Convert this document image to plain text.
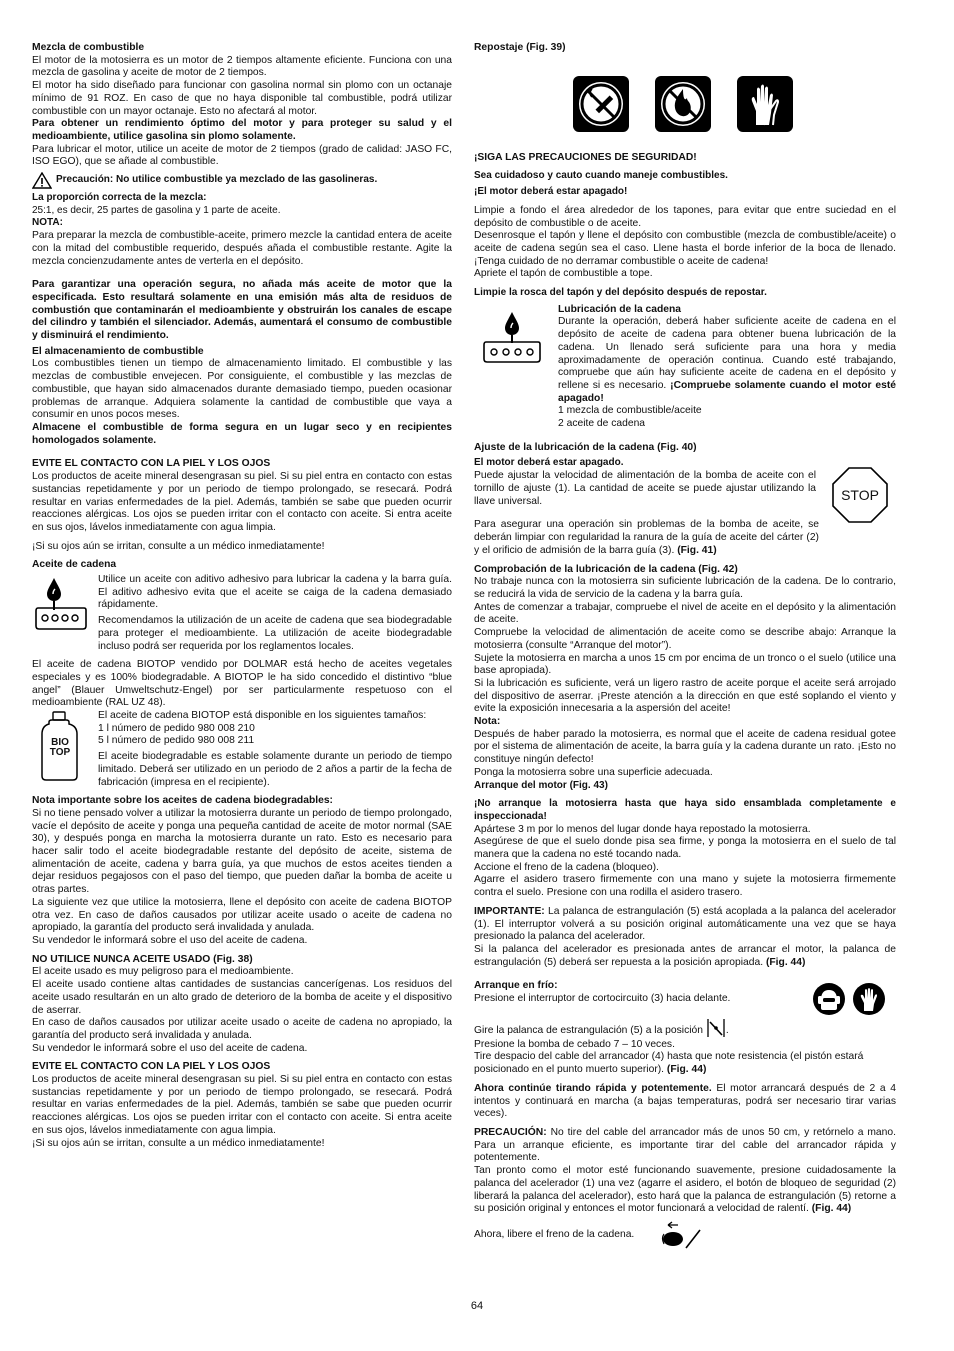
Mezcla de combustible

El motor de la motosierra es un motor de 2 tiempos altamente eficiente. Funciona con una mezcla de gasolina y aceite de motor de 2 tiempos.

El motor ha sido diseñado para funcionar con gasolina normal sin plomo con un octanaje mínimo de 91 ROZ. En caso de que no haya disponible tal combustible, podrá utilizar combustible con un mayor octanaje. Esto no afectará al motor.

Para obtener un rendimiento óptimo del motor y para proteger su salud y el medioambiente, utilice gasolina sin plomo solamente.

Para lubricar el motor, utilice un aceite de motor de 2 tiempos (grado de calidad: JASO FC, ISO EGO), que se añade al combustible.

Precaución: No utilice combustible ya mezclado de las gasolineras.

La proporción correcta de la mezcla:

25:1, es decir, 25 partes de gasolina y 1 parte de aceite.

NOTA:

Para preparar la mezcla de combustible-aceite, primero mezcle la cantidad entera de aceite con la mitad del combustible requerido, después añada el combustible restante. Agite la mezcla concienzudamente antes de verterla en el depósito.

Para garantizar una operación segura, no añada más aceite de motor que la especificada. Esto resultará solamente en una emisión más alta de residuos de combustión que contaminarán el medioambiente y obstruirán los canales de escape del cilindro y también el silenciador. Además, aumentará el consumo de combustible y disminuirá el rendimiento.

El almacenamiento de combustible

Los combustibles tienen un tiempo de almacenamiento limitado. El combustible y las mezclas de combustible envejecen. Por consiguiente, el combustible y las mezclas de combustible, que hayan sido almacenados durante demasiado tiempo, pueden ocasionar problemas de arranque. Adquiera solamente la cantidad de combustible que vaya a consumir en unos pocos meses.

Almacene el combustible de forma segura en un lugar seco y en recipientes homologados solamente.

EVITE EL CONTACTO CON LA PIEL Y LOS OJOS

Los productos de aceite mineral desengrasan su piel. Si su piel entra en contacto con estas sustancias repetidamente y por un periodo de tiempo prolongado, se resecará. Podrá resultar en varias enfermedades de la piel. Además, también se sabe que pueden ocurrir reacciones alérgicas. Los ojos se pueden irritar con el contacto con aceite. Si entra aceite en sus ojos, lávelos inmediatamente con agua limpia.

¡Si su ojos aún se irritan, consulte a un médico inmediatamente!

Aceite de cadena

Utilice un aceite con aditivo adhesivo para lubricar la cadena y la barra guía. El aditivo adhesivo evita que el aceite se caiga de la cadena demasiado rápidamente.

Recomendamos la utilización de un aceite de cadena que sea biodegradable para proteger el medioambiente. La utilización de aceite biodegradable incluso podrá ser requerida por los reglamentos locales.

El aceite de cadena BIOTOP vendido por DOLMAR está hecho de aceites vegetales especiales y es 100% biodegradable. A BIOTOP le ha sido concedido el distintivo “blue angel” (Blauer Umweltschutz-Engel) por ser particularmente respetuoso con el medioambiente (RAL UZ 48).

BIO
TOP

El aceite de cadena BIOTOP está disponible en los siguientes tamaños:

1 l número de pedido 980 008 210

5 l número de pedido 980 008 211

El aceite biodegradable es estable solamente durante un periodo de tiempo limitado. Deberá ser utilizado en un periodo de 2 años a partir de la fecha de fabricación (impresa en el recipiente).

Nota importante sobre los aceites de cadena biodegradables:

Si no tiene pensado volver a utilizar la motosierra durante un periodo de tiempo prolongado, vacíe el depósito de aceite y ponga una pequeña cantidad de aceite de motor normal (SAE 30), y después ponga en marcha la motosierra durante un rato. Esto es necesario para hacer salir todo el aceite biodegradable restante del depósito de aceite, sistema de alimentación de aceite, cadena y barra guía, ya que muchos de estos aceites tienden a dejar residuos pegajosos con el paso del tiempo, que pueden dañar la bomba de aceite u otras partes.

La siguiente vez que utilice la motosierra, llene el depósito con aceite de cadena BIOTOP otra vez. En caso de daños causados por utilizar aceite usado o aceite de cadena no apropiado, la garantía del producto será invalidada y anulada.

Su vendedor le informará sobre el uso del aceite de cadena.

NO UTILICE NUNCA ACEITE USADO (Fig. 38)

El aceite usado es muy peligroso para el medioambiente.

El aceite usado contiene altas cantidades de sustancias cancerígenas. Los residuos del aceite usado resultarán en un alto grado de deterioro de la bomba de aceite y el dispositivo de aserrar.

En caso de daños causados por utilizar aceite usado o aceite de cadena no apropiado, la garantía del producto será invalidada y anulada.

Su vendedor le informará sobre el uso del aceite de cadena.

EVITE EL CONTACTO CON LA PIEL Y LOS OJOS

Los productos de aceite mineral desengrasan su piel. Si su piel entra en contacto con estas sustancias repetidamente y por un periodo de tiempo prolongado, se resecará. Podrá resultar en varias enfermedades de la piel. Además, también se sabe que pueden ocurrir reacciones alérgicas. Los ojos se pueden irritar con el contacto con aceite. Si entra aceite en sus ojos, lávelos inmediatamente con agua limpia.

¡Si su ojos aún se irritan, consulte a un médico inmediatamente!

Repostaje (Fig. 39)

¡SIGA LAS PRECAUCIONES DE SEGURIDAD!

Sea cuidadoso y cauto cuando maneje combustibles.

¡El motor deberá estar apagado!

Limpie a fondo el área alrededor de los tapones, para evitar que entre suciedad en el depósito de combustible o de aceite.

Desenrosque el tapón y llene el depósito con combustible (mezcla de combustible/aceite) o aceite de cadena según sea el caso. Llene hasta el borde inferior de la boca de llenado. ¡Tenga cuidado de no derramar combustible o aceite de cadena!

Apriete el tapón de combustible a tope.

Limpie la rosca del tapón y del depósito después de repostar.

Lubricación de la cadena

Durante la operación, deberá haber suficiente aceite de cadena en el depósito de aceite de cadena para obtener buena lubricación de la cadena. Un llenado será suficiente para una hora y media aproximadamente de operación continua. Cuando esté trabajando, compruebe que aún hay suficiente aceite de cadena en el depósito y rellene si es necesario. ¡Compruebe solamente cuando el motor esté apagado!

1 mezcla de combustible/aceite

2 aceite de cadena

Ajuste de la lubricación de la cadena (Fig. 40)

El motor deberá estar apagado.

Puede ajustar la velocidad de alimentación de la bomba de aceite con el tornillo de ajuste (1). La cantidad de aceite se puede ajustar utilizando la llave universal.	STOP

Para asegurar una operación sin problemas de la bomba de aceite, se deberán limpiar con regularidad la ranura de la guía de aceite del cárter (2) y el orificio de admisión de la barra guía (3). (Fig. 41)

Comprobación de la lubricación de la cadena (Fig. 42)

No trabaje nunca con la motosierra sin suficiente lubricación de la cadena. De lo contrario, se reducirá la vida de servicio de la cadena y la barra guía.

Antes de comenzar a trabajar, compruebe el nivel de aceite en el depósito y la alimentación de aceite.

Compruebe la velocidad de alimentación de aceite como se describe abajo: Arranque la motosierra (consulte “Arranque del motor”).

Sujete la motosierra en marcha a unos 15 cm por encima de un tronco o el suelo (utilice una base apropiada).

Si la lubricación es suficiente, verá un ligero rastro de aceite porque el aceite será arrojado del dispositivo de aserrar. ¡Preste atención a la dirección en que esté soplando el viento y evite la exposición innecesaria a la aspersión del aceite!

Nota:

Después de haber parado la motosierra, es normal que el aceite de cadena residual gotee por el sistema de alimentación de aceite, la barra guía y la cadena durante un rato. ¡Esto no constituye ningún defecto!

Ponga la motosierra sobre una superficie adecuada.

Arranque del motor (Fig. 43)

¡No arranque la motosierra hasta que haya sido ensamblada completamente e inspeccionada!

Apártese 3 m por lo menos del lugar donde haya repostado la motosierra.

Asegúrese de que el suelo donde pisa sea firme, y ponga la motosierra en el suelo de tal manera que la cadena no esté tocando nada.

Accione el freno de la cadena (bloqueo).

Agarre el asidero trasero firmemente con una mano y sujete la motosierra firmemente contra el suelo. Presione con una rodilla el asidero trasero.

IMPORTANTE: La palanca de estrangulación (5) está acoplada a la palanca del acelerador (1). El interruptor volverá a su posición original automáticamente una vez que se haya presionado la palanca del acelerador.

Si la palanca del acelerador es presionada antes de arrancar el motor, la palanca de estrangulación (5) deberá ser repuesta a la posición apropiada. (Fig. 44)

Arranque en frío:

Presione el interruptor de cortocircuito (3) hacia delante.

Gire la palanca de estrangulación (5) a la posición .

Presione la bomba de cebado 7 – 10 veces.

Tire despacio del cable del arrancador (4) hasta que note resistencia (el pistón estará posicionado en el punto muerto superior). (Fig. 44)

Ahora continúe tirando rápida y potentemente. El motor arrancará después de 2 a 4 intentos y continuará en marcha (a bajas temperaturas, podrá ser necesario tirar varias veces).

PRECAUCIÓN: No tire del cable del arrancador más de unos 50 cm, y retórnelo a mano. Para un arranque eficiente, es importante tirar del cable del arrancador rápida y potentemente.

Tan pronto como el motor esté funcionando suavemente, presione cuidadosamente la palanca del acelerador (1) una vez (agarre el asidero, el botón de bloqueo de seguridad (2) liberará la palanca del acelerador), esto hará que la palanca de estrangulación (5) retorne a su posición original y entonces el motor funcionará a velocidad de ralentí. (Fig. 44)

Ahora, libere el freno de la cadena.

64
